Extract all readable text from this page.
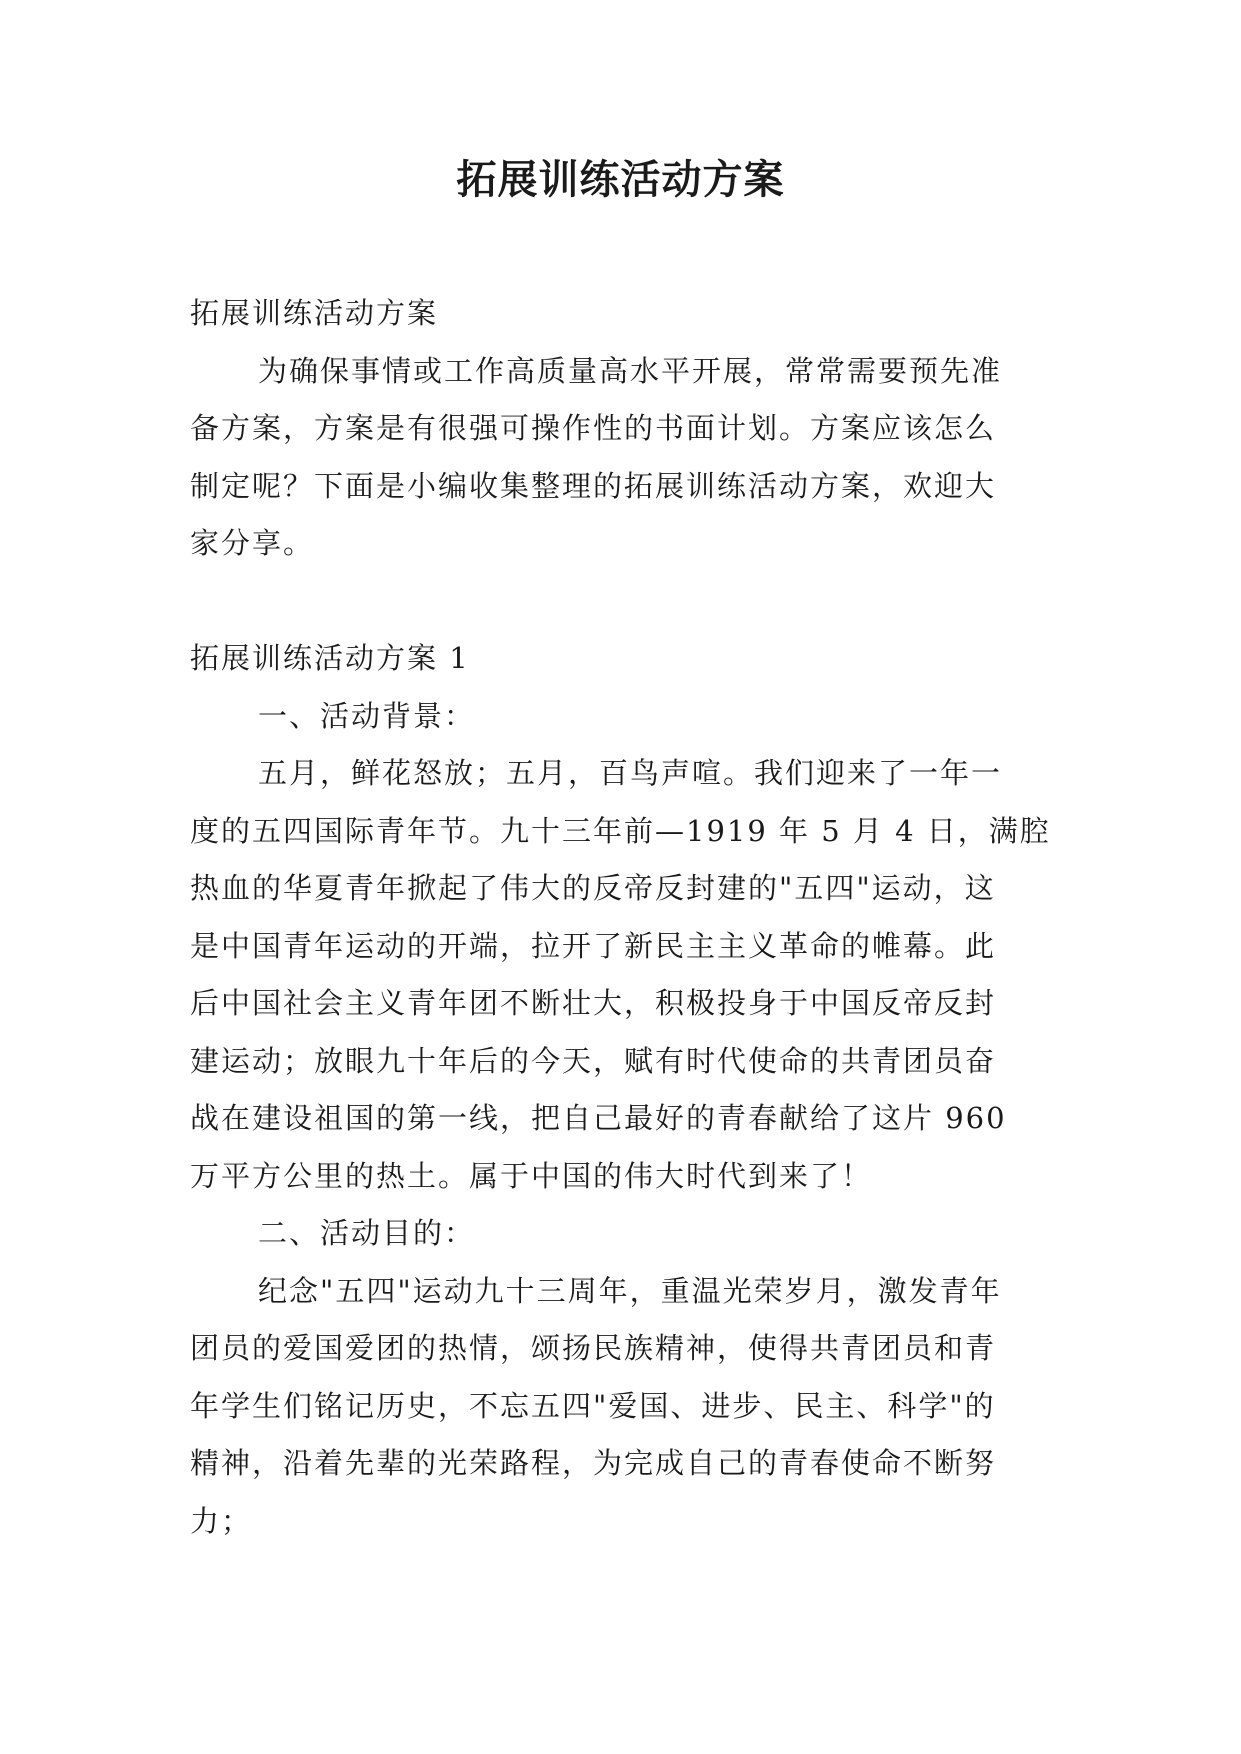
拓展训练活动方案
拓展训练活动方案
为确保事情或工作高质量高水平开展，常常需要预先准
备方案，方案是有很强可操作性的书面计划。方案应该怎么
制定呢？下面是小编收集整理的拓展训练活动方案，欢迎大
家分享。
拓展训练活动方案 1
一、活动背景：
五月，鲜花怒放；五月，百鸟声喧。我们迎来了一年一
度的五四国际青年节。九十三年前—1919 年 5 月 4 日，满腔
热血的华夏青年掀起了伟大的反帝反封建的"五四"运动，这
是中国青年运动的开端，拉开了新民主主义革命的帷幕。此
后中国社会主义青年团不断壮大，积极投身于中国反帝反封
建运动；放眼九十年后的今天，赋有时代使命的共青团员奋
战在建设祖国的第一线，把自己最好的青春献给了这片 960
万平方公里的热土。属于中国的伟大时代到来了！
二、活动目的：
纪念"五四"运动九十三周年，重温光荣岁月，激发青年
团员的爱国爱团的热情，颂扬民族精神，使得共青团员和青
年学生们铭记历史，不忘五四"爱国、进步、民主、科学"的
精神，沿着先辈的光荣路程，为完成自己的青春使命不断努
力；
